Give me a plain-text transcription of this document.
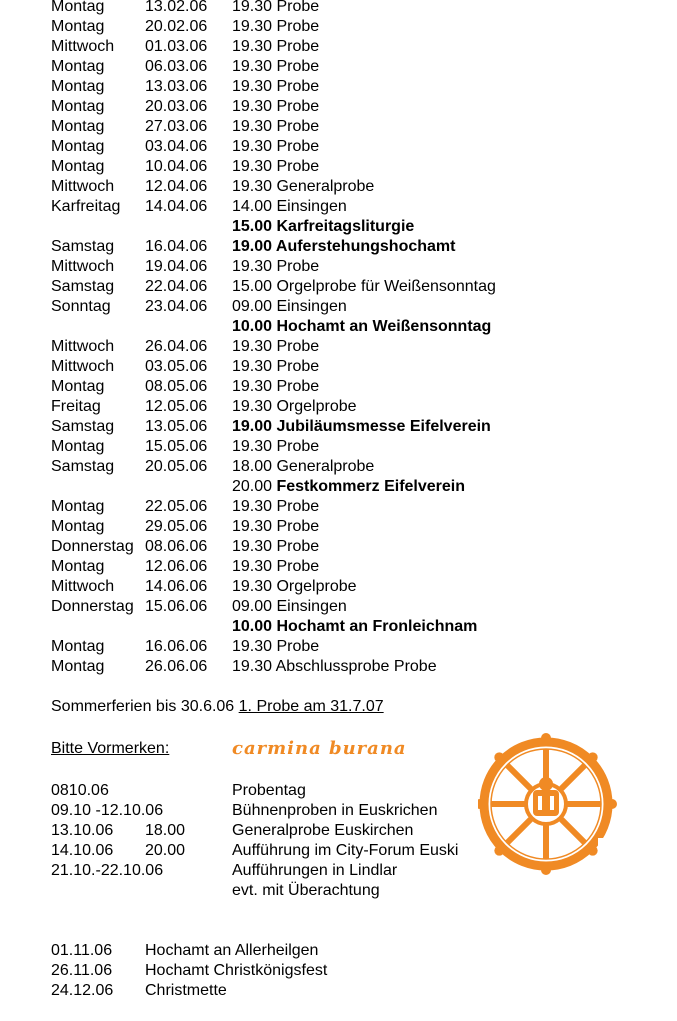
Montag	13.02.06 19.30 Probe
Montag	20.02.06 19.30 Probe
Mittwoch 01.03.06 19.30 Probe
Montag	06.03.06 19.30 Probe
Montag	13.03.06 19.30 Probe
Montag	20.03.06 19.30 Probe
Montag	27.03.06 19.30 Probe
Montag	03.04.06 19.30 Probe
Montag	10.04.06 19.30 Probe
Mittwoch 12.04.06 19.30 Generalprobe
Karfreitag 14.04.06 14.00 Einsingen
15.00 Karfreitagsliturgie
Samstag 16.04.06 19.00 Auferstehungshochamt
Mittwoch 19.04.06 19.30 Probe
Samstag 22.04.06 15.00 Orgelprobe für Weißensonntag
Sonntag 23.04.06 09.00 Einsingen
10.00 Hochamt an Weißensonntag
Mittwoch 26.04.06 19.30 Probe
Mittwoch 03.05.06 19.30 Probe
Montag	08.05.06 19.30 Probe
Freitag	12.05.06 19.30 Orgelprobe
Samstag 13.05.06 19.00 Jubiläumsmesse Eifelverein
Montag	15.05.06 19.30 Probe
Samstag 20.05.06 18.00 Generalprobe
20.00 Festkommerz Eifelverein
Montag	22.05.06 19.30 Probe
Montag	29.05.06 19.30 Probe
Donnerstag 08.06.06 19.30 Probe
Montag	12.06.06 19.30 Probe
Mittwoch 14.06.06 19.30 Orgelprobe
Donnerstag 15.06.06 09.00 Einsingen
10.00 Hochamt an Fronleichnam
Montag	16.06.06 19.30 Probe
Montag	26.06.06 19.30 Abschlussprobe Probe
Sommerferien bis 30.6.06 1. Probe am 31.7.07
Bitte Vormerken:	carmina burana
0810.06	Probentag
09.10 -12.10.06	Bühnenproben in Euskrichen
13.10.06 18.00	Generalprobe Euskirchen
14.10.06 20.00	Aufführung im City-Forum Euski
21.10.-22.10.06	Aufführungen in Lindlar
evt. mit Überachtung
01.11.06 Hochamt an Allerheilgen
26.11.06 Hochamt Christkönigsfest
24.12.06 Christmette
